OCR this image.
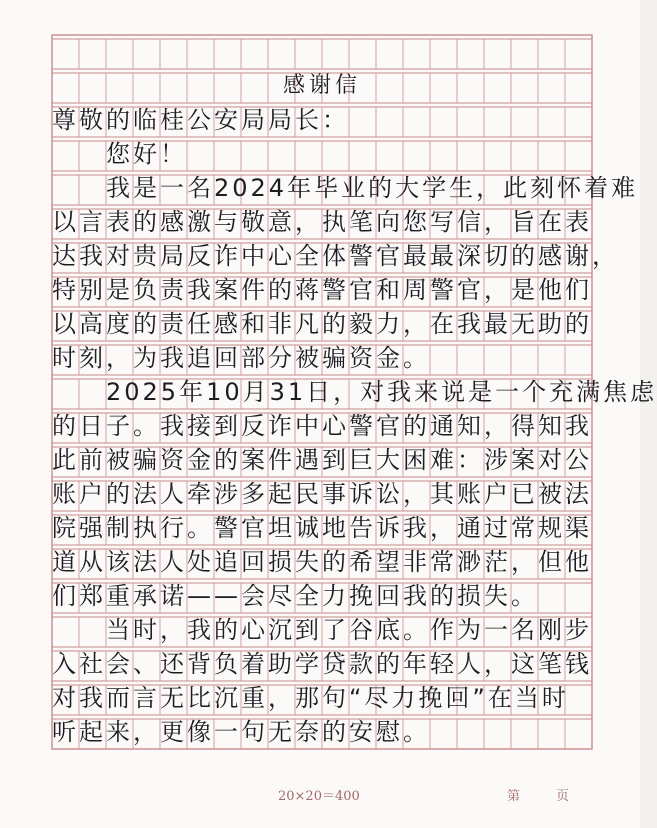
感谢信
尊敬的临桂公安局局长：
　　您好！
　　我是一名2024年毕业的大学生，此刻怀着难
以言表的感激与敬意，执笔向您写信，旨在表
达我对贵局反诈中心全体警官最最深切的感谢，
特别是负责我案件的蒋警官和周警官，是他们
以高度的责任感和非凡的毅力，在我最无助的
时刻，为我追回部分被骗资金。
　　2025年10月31日，对我来说是一个充满焦虑
的日子。我接到反诈中心警官的通知，得知我
此前被骗资金的案件遇到巨大困难：涉案对公
账户的法人牵涉多起民事诉讼，其账户已被法
院强制执行。警官坦诚地告诉我，通过常规渠
道从该法人处追回损失的希望非常渺茫，但他
们郑重承诺——会尽全力挽回我的损失。
　　当时，我的心沉到了谷底。作为一名刚步
入社会、还背负着助学贷款的年轻人，这笔钱
对我而言无比沉重，那句“尽力挽回”在当时
听起来，更像一句无奈的安慰。
20×20＝400	第	页
